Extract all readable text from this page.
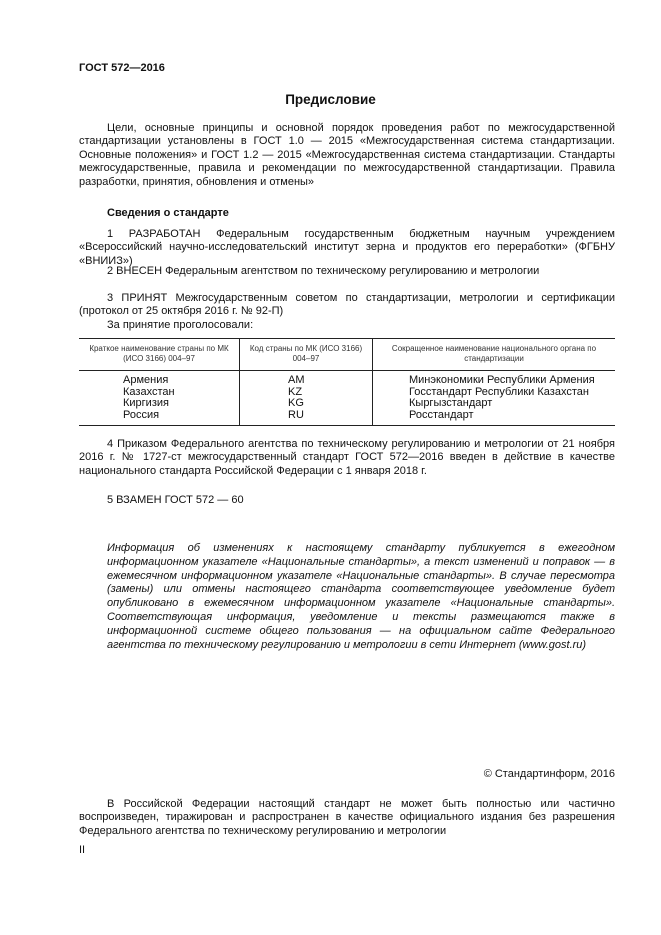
ГОСТ 572—2016
Предисловие

Цели, основные принципы и основной порядок проведения работ по межгосударственной стандартизации установлены в ГОСТ 1.0 — 2015 «Межгосударственная система стандартизации. Основные положения» и ГОСТ 1.2 — 2015 «Межгосударственная система стандартизации. Стандарты межгосударственные, правила и рекомендации по межгосударственной стандартизации. Правила разработки, принятия, обновления и отмены»

Сведения о стандарте

1 РАЗРАБОТАН Федеральным государственным бюджетным научным учреждением «Всероссийский научно-исследовательский институт зерна и продуктов его переработки» (ФГБНУ «ВНИИЗ»)

2 ВНЕСЕН Федеральным агентством по техническому регулированию и метрологии

3 ПРИНЯТ Межгосударственным советом по стандартизации, метрологии и сертификации (протокол от 25 октября 2016 г. № 92-П)

За принятие проголосовали:

Краткое наименование страны по МК (ИСО 3166) 004–97	Код страны по МК (ИСО 3166) 004–97	Сокращенное наименование национального органа по стандартизации
Армения	AM	Минэкономики Республики Армения
Казахстан	KZ	Госстандарт Республики Казахстан
Киргизия	KG	Кыргызстандарт
Россия	RU	Росстандарт

4 Приказом Федерального агентства по техническому регулированию и метрологии от 21 ноября 2016 г. № 1727-ст межгосударственный стандарт ГОСТ 572—2016 введен в действие в качестве национального стандарта Российской Федерации с 1 января 2018 г.

5 ВЗАМЕН ГОСТ 572 — 60

Информация об изменениях к настоящему стандарту публикуется в ежегодном информационном указателе «Национальные стандарты», а текст изменений и поправок — в ежемесячном информационном указателе «Национальные стандарты». В случае пересмотра (замены) или отмены настоящего стандарта соответствующее уведомление будет опубликовано в ежемесячном информационном указателе «Национальные стандарты». Соответствующая информация, уведомление и тексты размещаются также в информационной системе общего пользования — на официальном сайте Федерального агентства по техническому регулированию и метрологии в сети Интернет (www.gost.ru)

© Стандартинформ, 2016

В Российской Федерации настоящий стандарт не может быть полностью или частично воспроизведен, тиражирован и распространен в качестве официального издания без разрешения Федерального агентства по техническому регулированию и метрологии

II
